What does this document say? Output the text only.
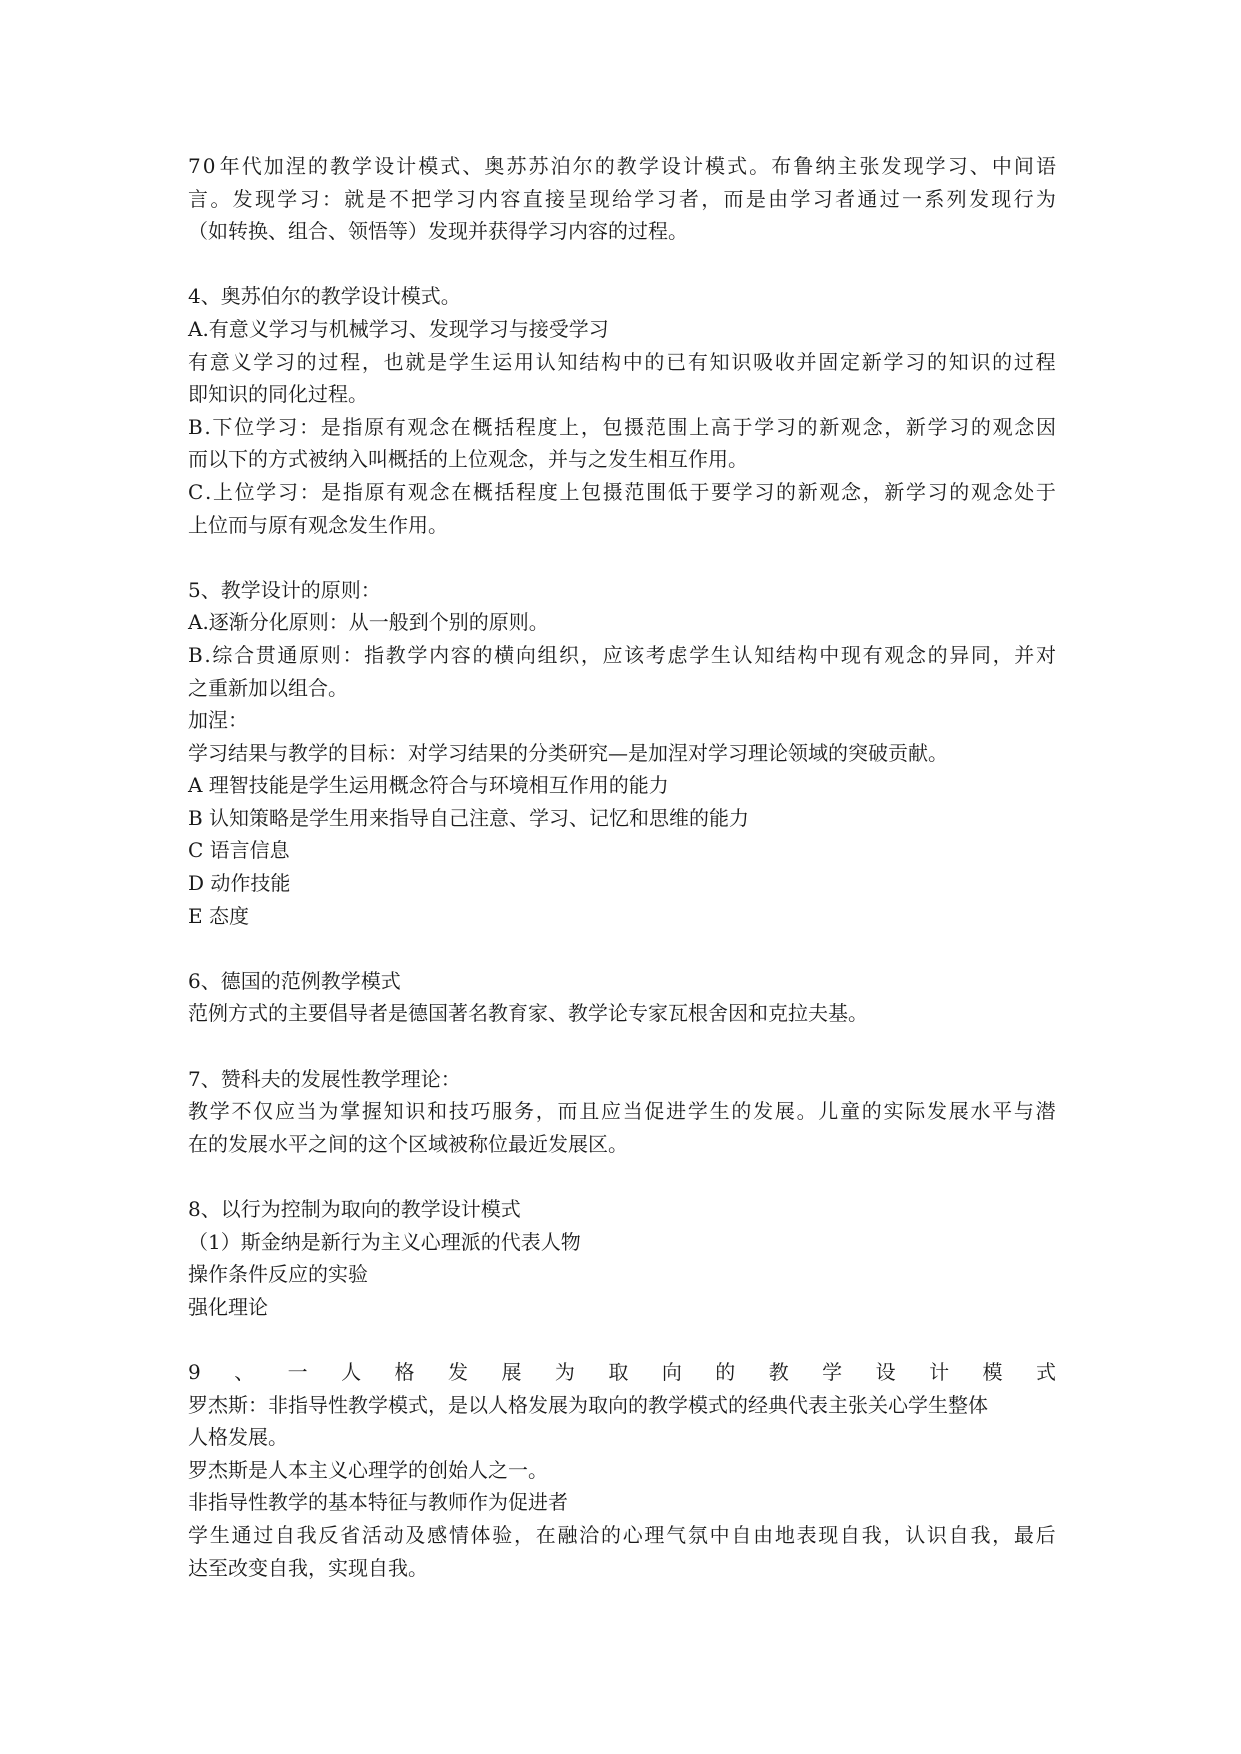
7 0 年 代 加 涅 的 教 学 设 计 模 式 、 奥 苏 苏 泊 尔 的 教 学 设 计 模 式 。 布 鲁 纳 主 张 发 现 学 习 、 中 间 语
言 。 发 现 学 习 ： 就 是 不 把 学 习 内 容 直 接 呈 现 给 学 习 者 ， 而 是 由 学 习 者 通 过 一 系 列 发 现 行 为
（如转换、组合、领悟等）发现并获得学习内容的过程。
4、奥苏伯尔的教学设计模式。
A.有意义学习与机械学习、发现学习与接受学习
有 意 义 学 习 的 过 程 ， 也 就 是 学 生 运 用 认 知 结 构 中 的 已 有 知 识 吸 收 并 固 定 新 学 习 的 知 识 的 过 程
即知识的同化过程。
B . 下 位 学 习 ： 是 指 原 有 观 念 在 概 括 程 度 上 ， 包 摄 范 围 上 高 于 学 习 的 新 观 念 ， 新 学 习 的 观 念 因
而以下的方式被纳入叫概括的上位观念，并与之发生相互作用。
C . 上 位 学 习 ： 是 指 原 有 观 念 在 概 括 程 度 上 包 摄 范 围 低 于 要 学 习 的 新 观 念 ， 新 学 习 的 观 念 处 于
上位而与原有观念发生作用。
5、教学设计的原则：
A.逐渐分化原则：从一般到个别的原则。
B . 综 合 贯 通 原 则 ： 指 教 学 内 容 的 横 向 组 织 ， 应 该 考 虑 学 生 认 知 结 构 中 现 有 观 念 的 异 同 ， 并 对
之重新加以组合。
加涅：
学习结果与教学的目标：对学习结果的分类研究—是加涅对学习理论领域的突破贡献。
A 理智技能是学生运用概念符合与环境相互作用的能力
B 认知策略是学生用来指导自己注意、学习、记忆和思维的能力
C 语言信息
D 动作技能
E 态度
6、德国的范例教学模式
范例方式的主要倡导者是德国著名教育家、教学论专家瓦根舍因和克拉夫基。
7、赞科夫的发展性教学理论：
教 学 不 仅 应 当 为 掌 握 知 识 和 技 巧 服 务 ， 而 且 应 当 促 进 学 生 的 发 展 。 儿 童 的 实 际 发 展 水 平 与 潜
在的发展水平之间的这个区域被称位最近发展区。
8、以行为控制为取向的教学设计模式
（1）斯金纳是新行为主义心理派的代表人物
操作条件反应的实验
强化理论
9 、 一 人 格 发 展 为 取 向 的 教 学 设 计 模 式
罗杰斯：非指导性教学模式，是以人格发展为取向的教学模式的经典代表主张关心学生整体
人格发展。
罗杰斯是人本主义心理学的创始人之一。
非指导性教学的基本特征与教师作为促进者
学 生 通 过 自 我 反 省 活 动 及 感 情 体 验 ， 在 融 洽 的 心 理 气 氛 中 自 由 地 表 现 自 我 ， 认 识 自 我 ， 最 后
达至改变自我，实现自我。
